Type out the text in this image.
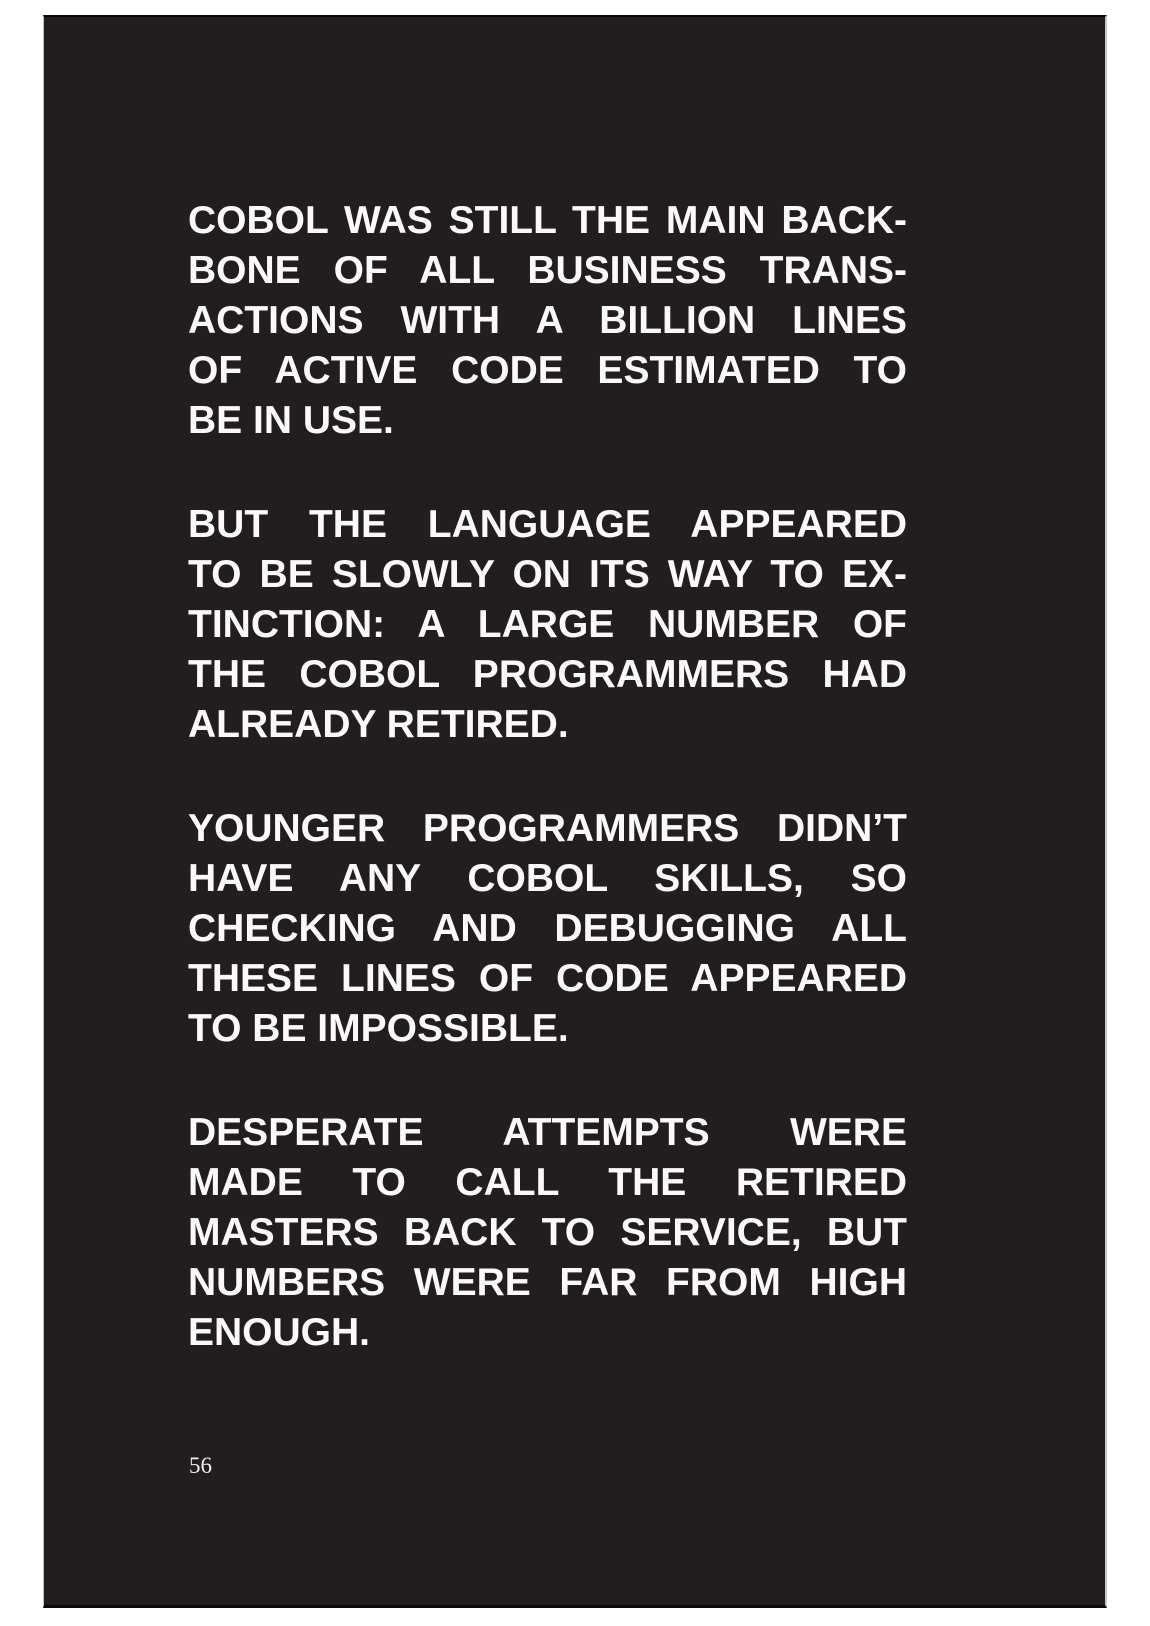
COBOL WAS STILL THE MAIN BACK-
BONE OF ALL BUSINESS TRANS-
ACTIONS WITH A BILLION LINES
OF ACTIVE CODE ESTIMATED TO
BE IN USE.
BUT THE LANGUAGE APPEARED
TO BE SLOWLY ON ITS WAY TO EX-
TINCTION: A LARGE NUMBER OF
THE COBOL PROGRAMMERS HAD
ALREADY RETIRED.
YOUNGER PROGRAMMERS DIDN’T
HAVE ANY COBOL SKILLS, SO
CHECKING AND DEBUGGING ALL
THESE LINES OF CODE APPEARED
TO BE IMPOSSIBLE.
DESPERATE ATTEMPTS WERE
MADE TO CALL THE RETIRED
MASTERS BACK TO SERVICE, BUT
NUMBERS WERE FAR FROM HIGH
ENOUGH.
56
